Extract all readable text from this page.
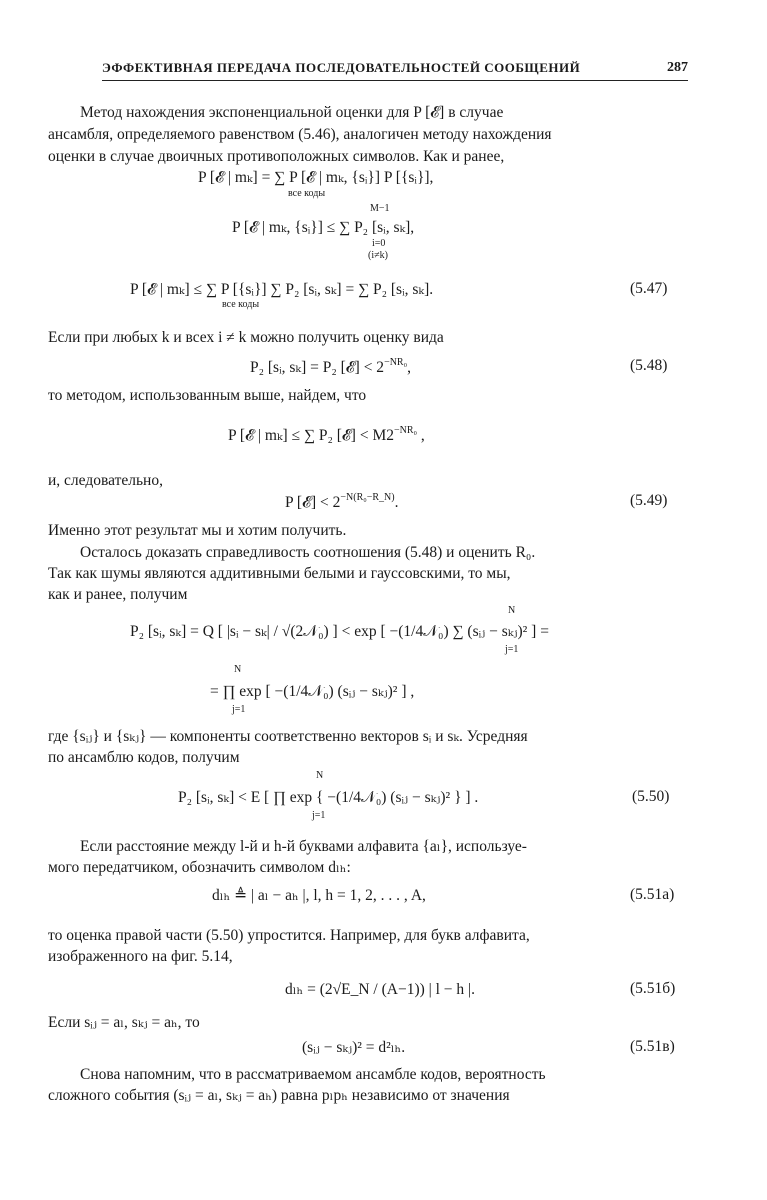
ЭФФЕКТИВНАЯ ПЕРЕДАЧА ПОСЛЕДОВАТЕЛЬНОСТЕЙ СООБЩЕНИЙ	287
Метод нахождения экспоненциальной оценки для P [𝓔] в случае
ансамбля, определяемого равенством (5.46), аналогичен методу нахождения
оценки в случае двоичных противоположных символов. Как и ранее,
P [𝓔 | mₖ] = ∑ P [𝓔 | mₖ, {sᵢ}] P [{sᵢ}],
все коды
M−1
P [𝓔 | mₖ, {sᵢ}] ≤ ∑ P₂ [sᵢ, sₖ],
i=0
(i≠k)
P [𝓔 | mₖ] ≤ ∑ P [{sᵢ}] ∑ P₂ [sᵢ, sₖ] = ∑ P₂ [sᵢ, sₖ].
все коды
(5.47)
Если при любых k и всех i ≠ k можно получить оценку вида
P₂ [sᵢ, sₖ] = P₂ [𝓔] < $2^{-NR_0}$,	(5.48)
то методом, использованным выше, найдем, что
P [𝓔 | mₖ] ≤ ∑ P₂ [𝓔] < $M2^{-NR_0}$ ,
и, следовательно,
P [𝓔] < $2^{-N(R_0-R\_N)}$.	(5.49)
Именно этот результат мы и хотим получить.
Осталось доказать справедливость соотношения (5.48) и оценить R₀.
Так как шумы являются аддитивными белыми и гауссовскими, то мы,
как и ранее, получим
N
P₂ [sᵢ, sₖ] = Q [ |sᵢ − sₖ| / √(2𝒩₀) ] < exp [ −(1/4𝒩₀) ∑ (sᵢⱼ − sₖⱼ)² ] =
j=1
N
= ∏ exp [ −(1/4𝒩₀) (sᵢⱼ − sₖⱼ)² ] ,
j=1
где {sᵢⱼ} и {sₖⱼ} — компоненты соответственно векторов sᵢ и sₖ. Усредняя
по ансамблю кодов, получим
N
P₂ [sᵢ, sₖ] < E [ ∏ exp { −(1/4𝒩₀) (sᵢⱼ − sₖⱼ)² } ] .
j=1
(5.50)
Если расстояние между l-й и h-й буквами алфавита {aₗ}, используе-
мого передатчиком, обозначить символом dₗₕ:
dₗₕ ≜ | aₗ − aₕ |, l, h = 1, 2, . . . , A,	(5.51а)
то оценка правой части (5.50) упростится. Например, для букв алфавита,
изображенного на фиг. 5.14,
dₗₕ = (2√E_N / (A−1)) | l − h |.	(5.51б)
Если sᵢⱼ = aₗ, sₖⱼ = aₕ, то
(sᵢⱼ − sₖⱼ)² = d²ₗₕ.	(5.51в)
Снова напомним, что в рассматриваемом ансамбле кодов, вероятность
сложного события (sᵢⱼ = aₗ, sₖⱼ = aₕ) равна pₗpₕ независимо от значения
